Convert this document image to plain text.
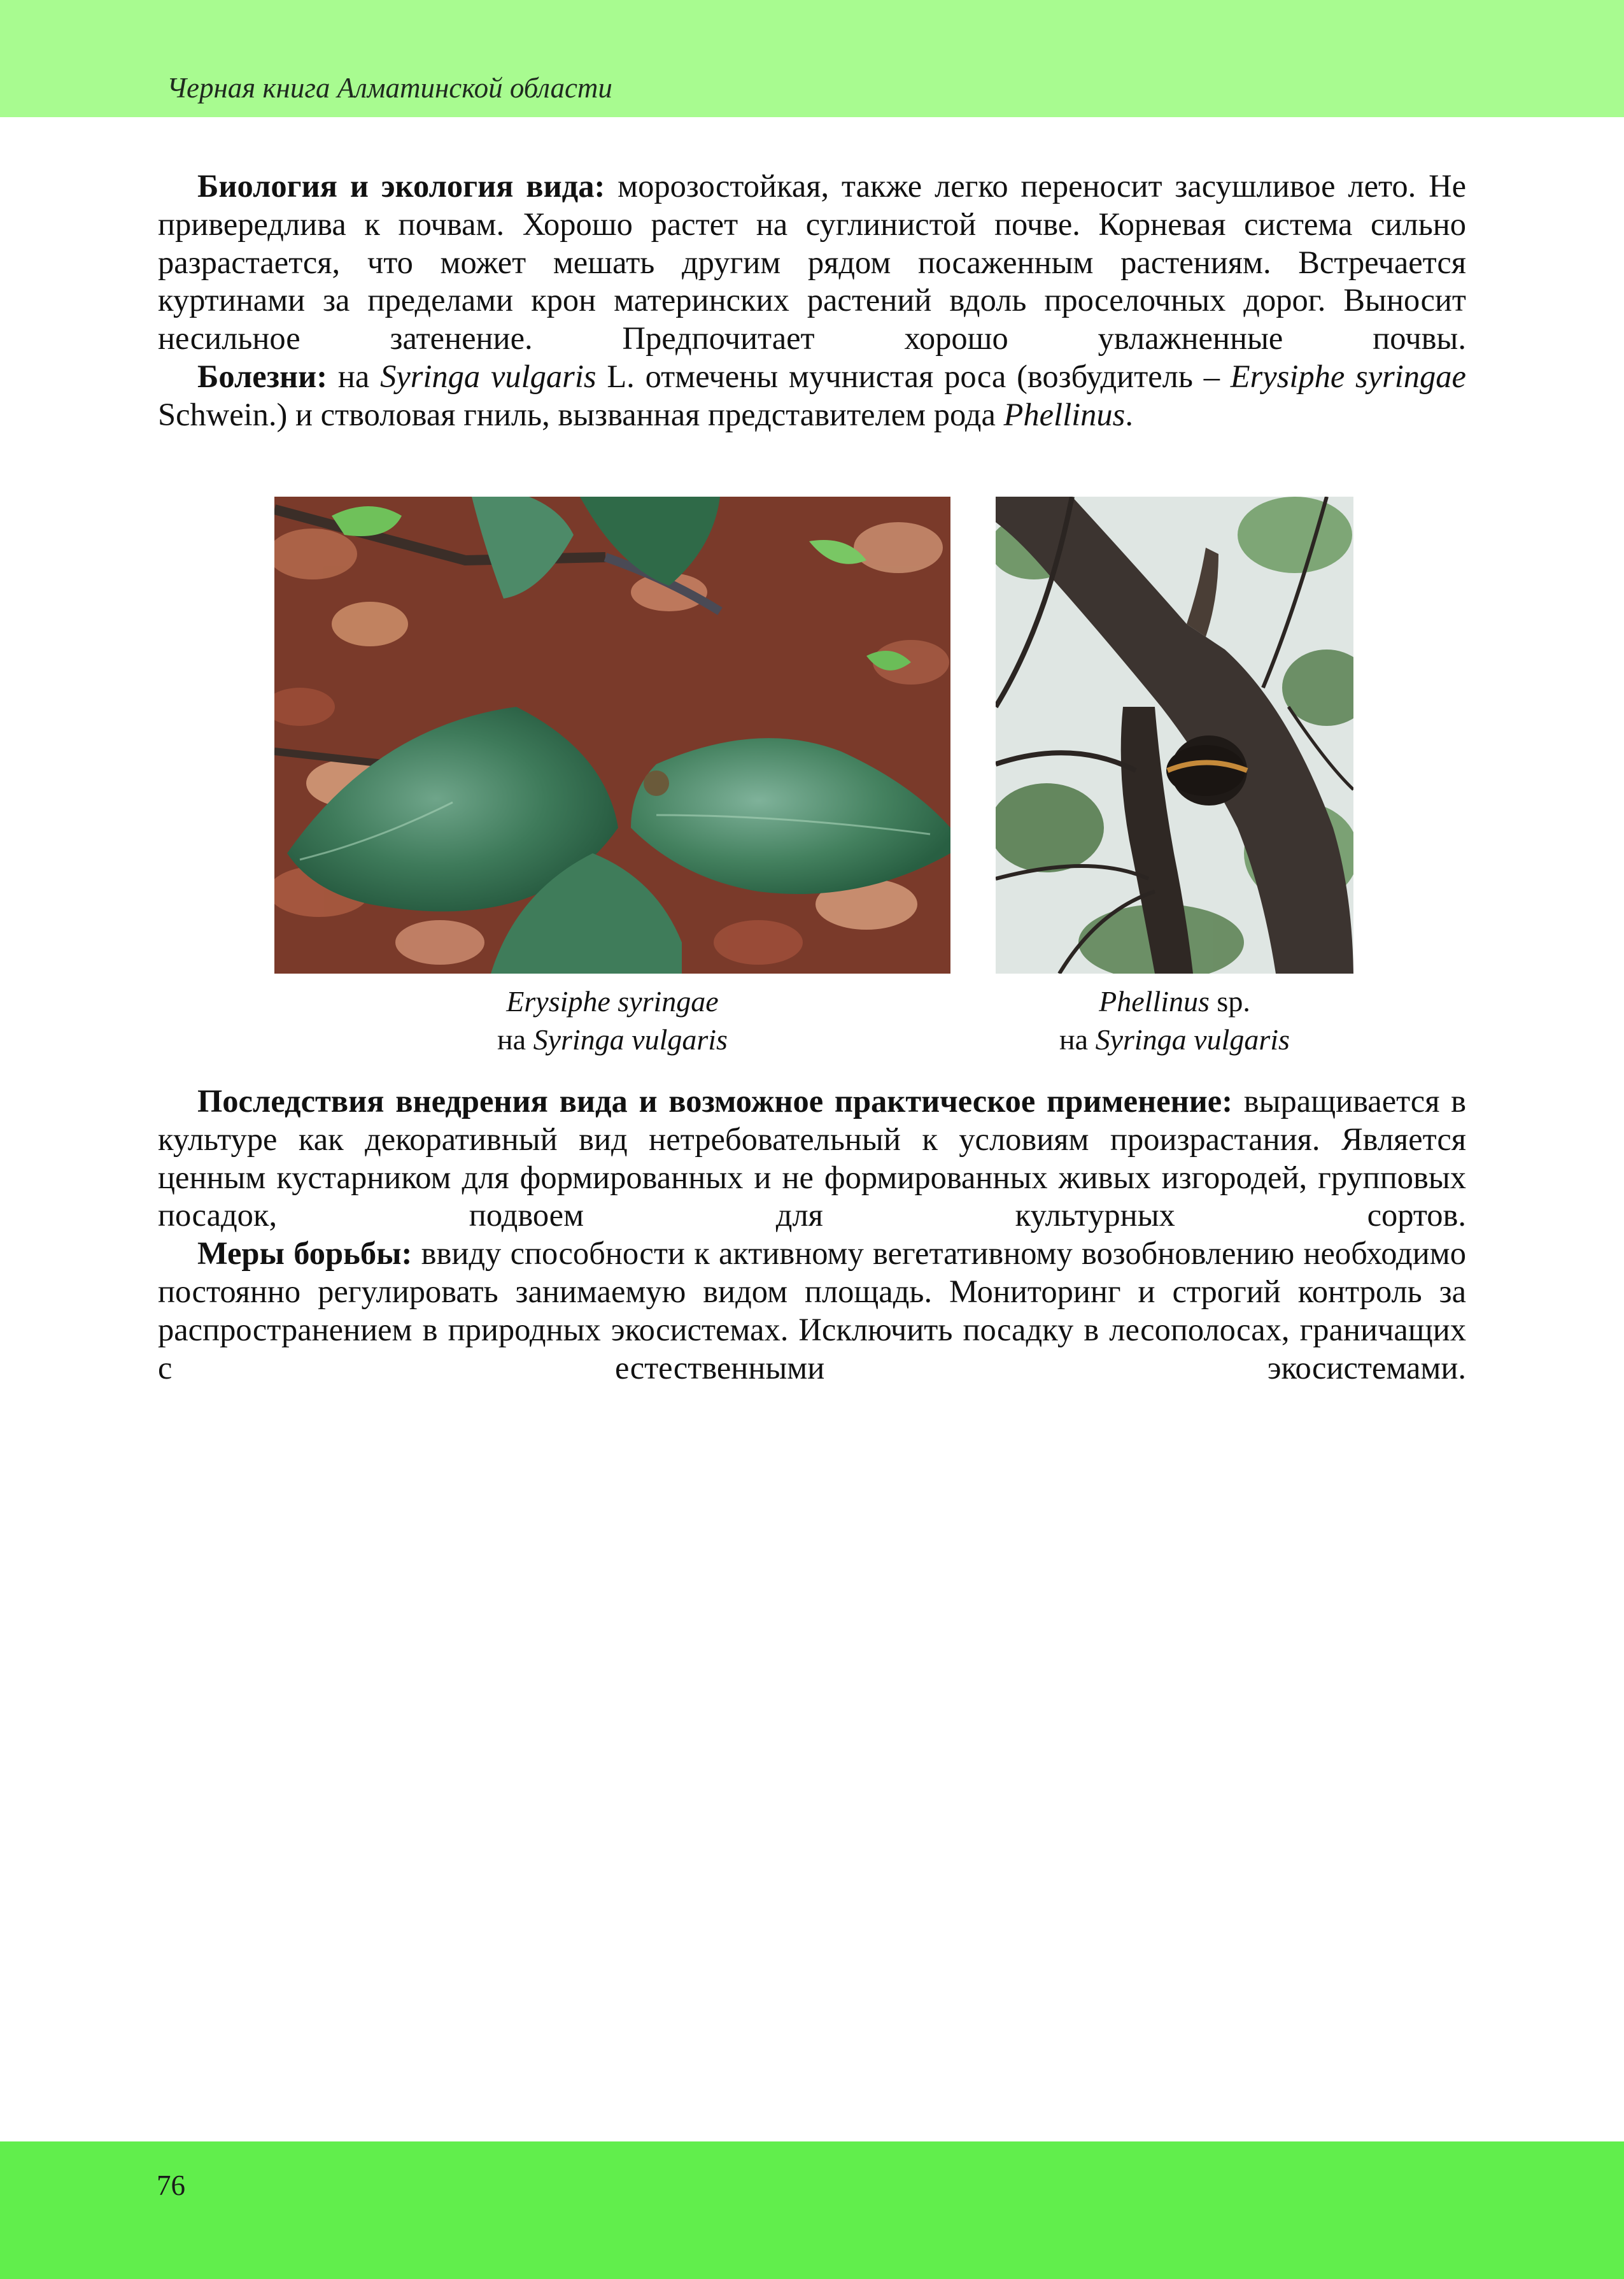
Черная книга Алматинской области

Биология и экология вида: морозостойкая, также легко переносит засушливое лето. Не привередлива к почвам. Хорошо растет на суглинистой почве. Корневая система сильно разрастается, что может мешать другим рядом посаженным растениям. Встречается куртинами за пределами крон материнских растений вдоль проселочных дорог. Выносит несильное затенение. Предпочитает хорошо увлажненные почвы.

Болезни: на Syringa vulgaris L. отмечены мучнистая роса (возбудитель – Erysiphe syringae Schwein.) и стволовая гниль, вызванная представителем рода Phellinus.

Erysiphe syringae
на Syringa vulgaris
Phellinus sp.
на Syringa vulgaris

Последствия внедрения вида и возможное практическое применение: выращивается в культуре как декоративный вид нетребовательный к условиям произрастания. Является ценным кустарником для формированных и не формированных живых изгородей, групповых посадок, подвоем для культурных сортов.

Меры борьбы: ввиду способности к активному вегетативному возобновлению необходимо постоянно регулировать занимаемую видом площадь. Мониторинг и строгий контроль за распространением в природных экосистемах. Исключить посадку в лесополосах, граничащих с естественными экосистемами.

76
